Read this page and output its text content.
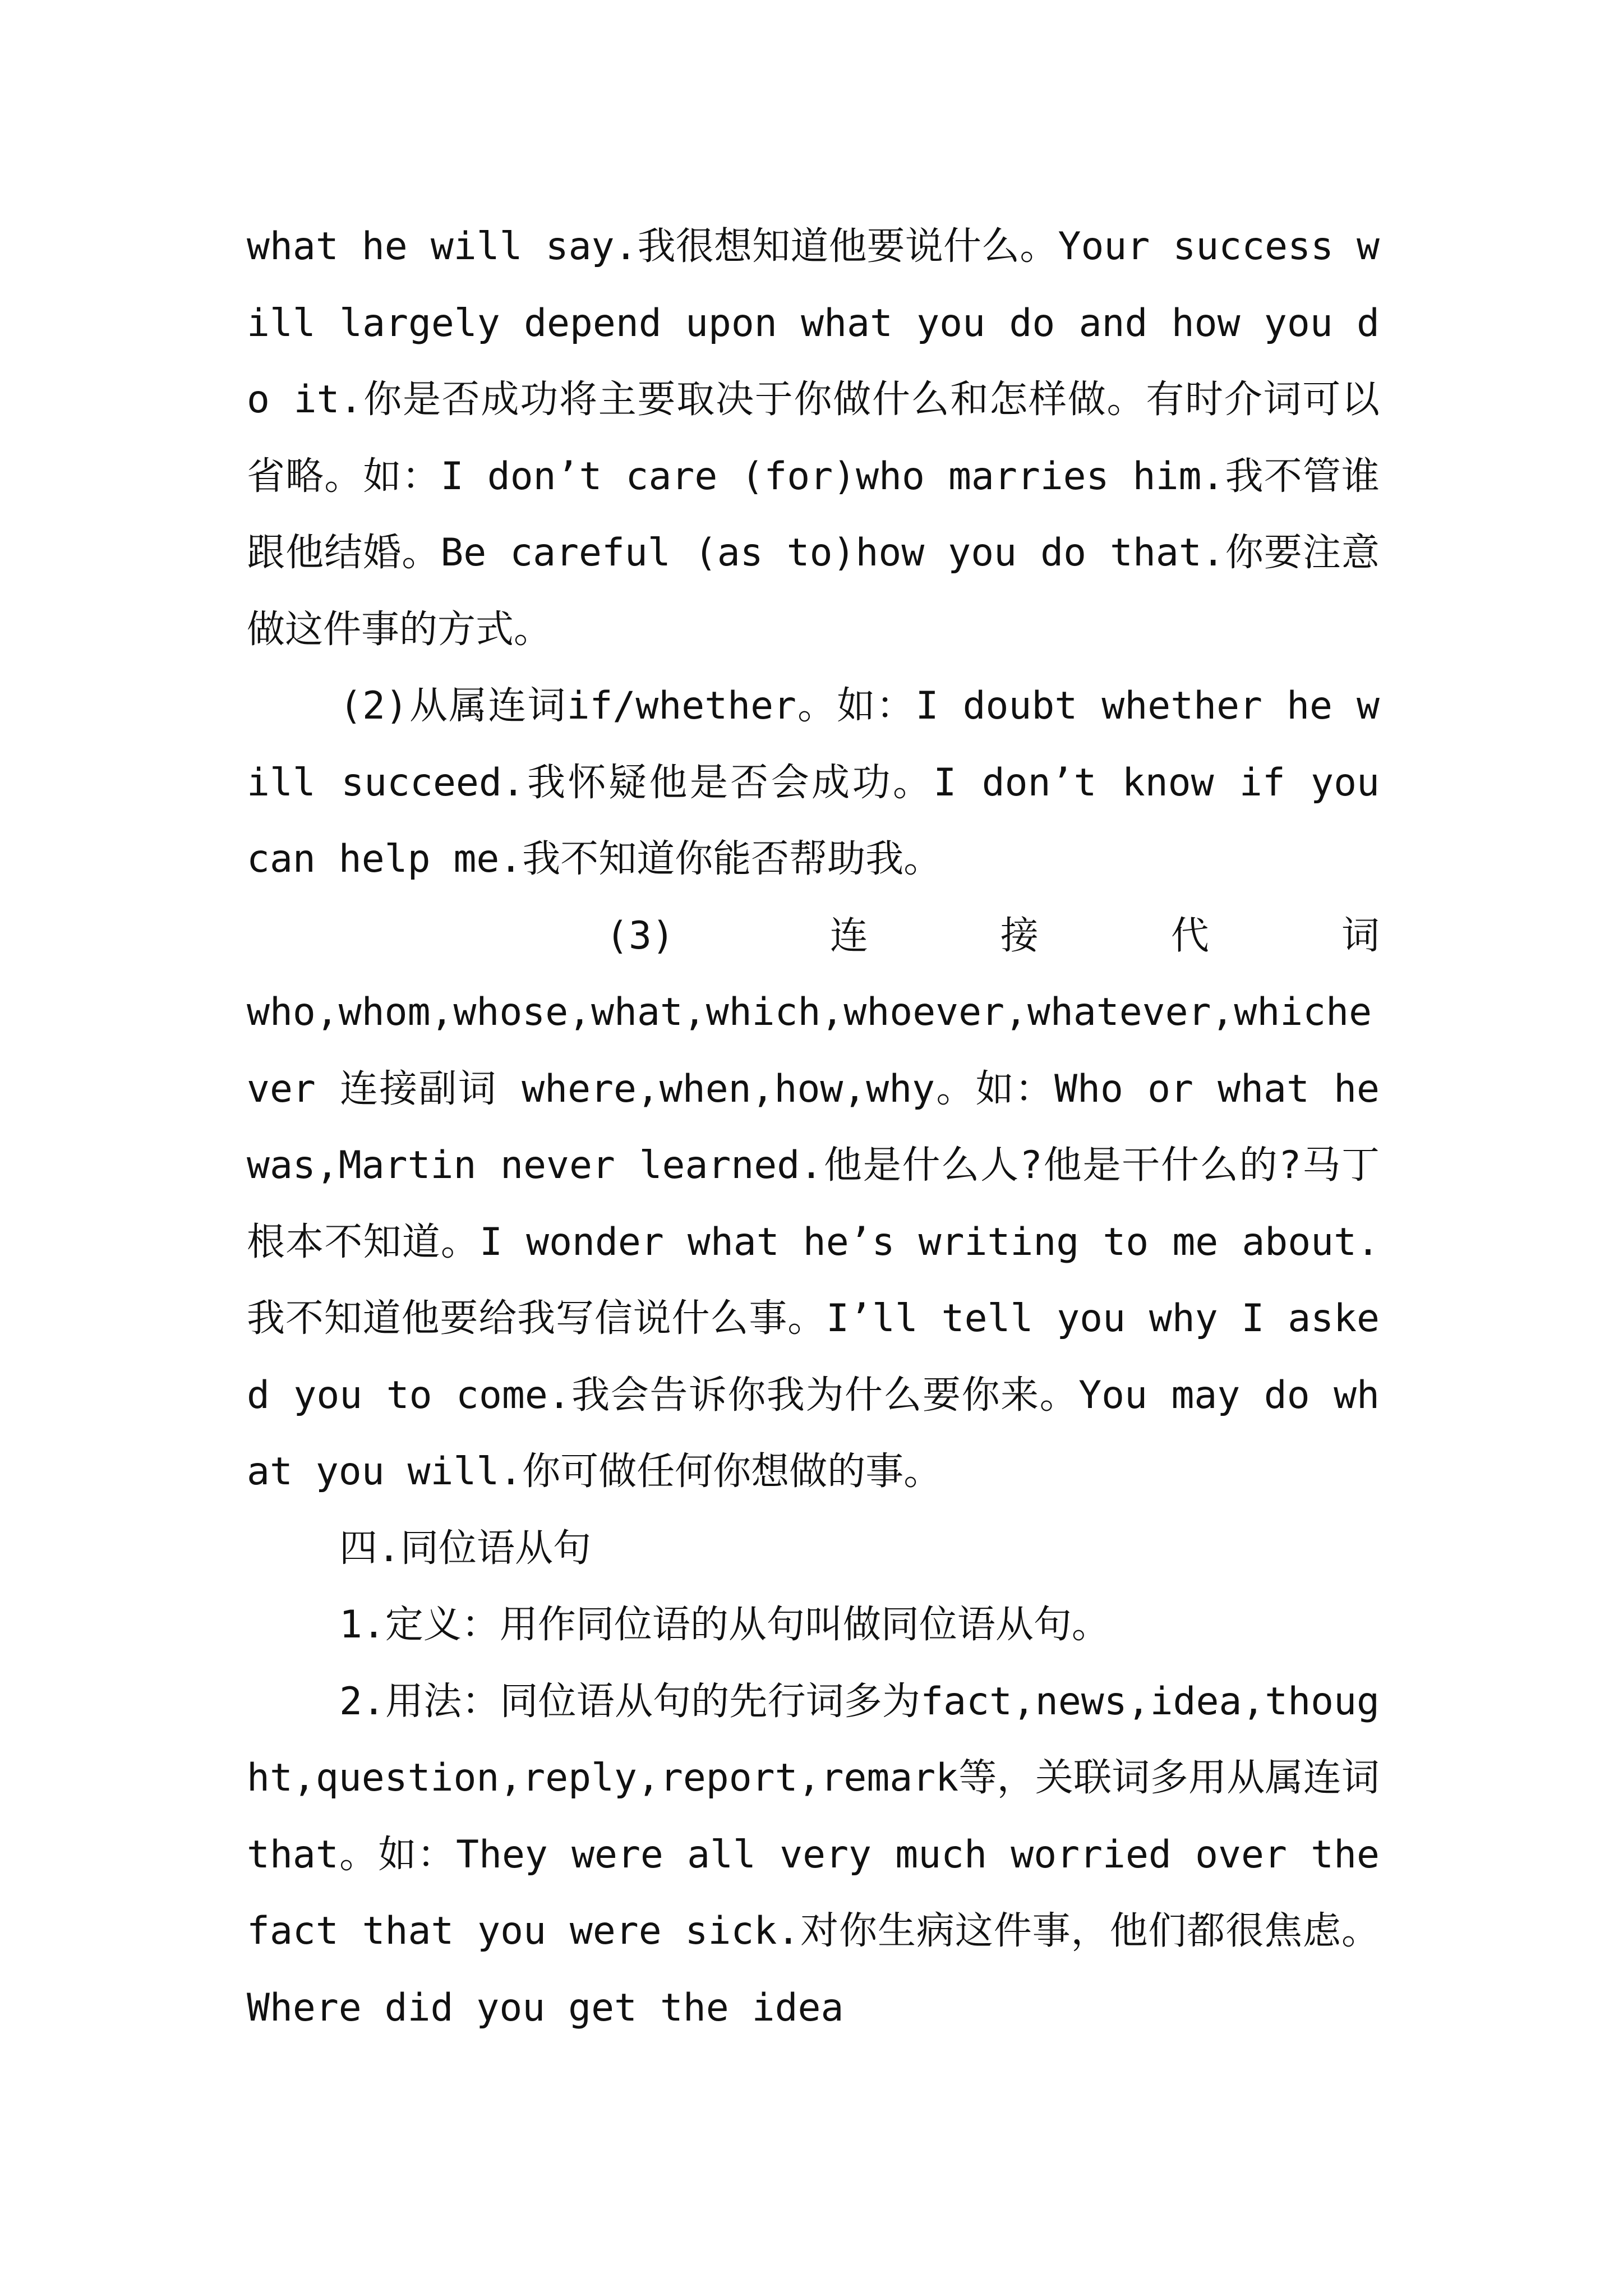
what he will say.我很想知道他要说什么。Your success will largely depend upon what you do and how you do it.你是否成功将主要取决于你做什么和怎样做。有时介词可以省略。如：I don’t care (for)who marries him.我不管谁跟他结婚。Be careful (as to)how you do that.你要注意做这件事的方式。

(2)从属连词if/whether。如：I doubt whether he will succeed.我怀疑他是否会成功。I don’t know if you can help me.我不知道你能否帮助我。

(3) 连接代词

who,whom,whose,what,which,whoever,whatever,whichever 连接副词 where,when,how,why。如：Who or what he was,Martin never learned.他是什么人?他是干什么的?马丁根本不知道。I wonder what he’s writing to me about.我不知道他要给我写信说什么事。I’ll tell you why I asked you to come.我会告诉你我为什么要你来。You may do what you will.你可做任何你想做的事。

四.同位语从句

1.定义：用作同位语的从句叫做同位语从句。

2.用法：同位语从句的先行词多为fact,news,idea,thought,question,reply,report,remark等，关联词多用从属连词that。如：They were all very much worried over the fact that you were sick.对你生病这件事，他们都很焦虑。Where did you get the idea
